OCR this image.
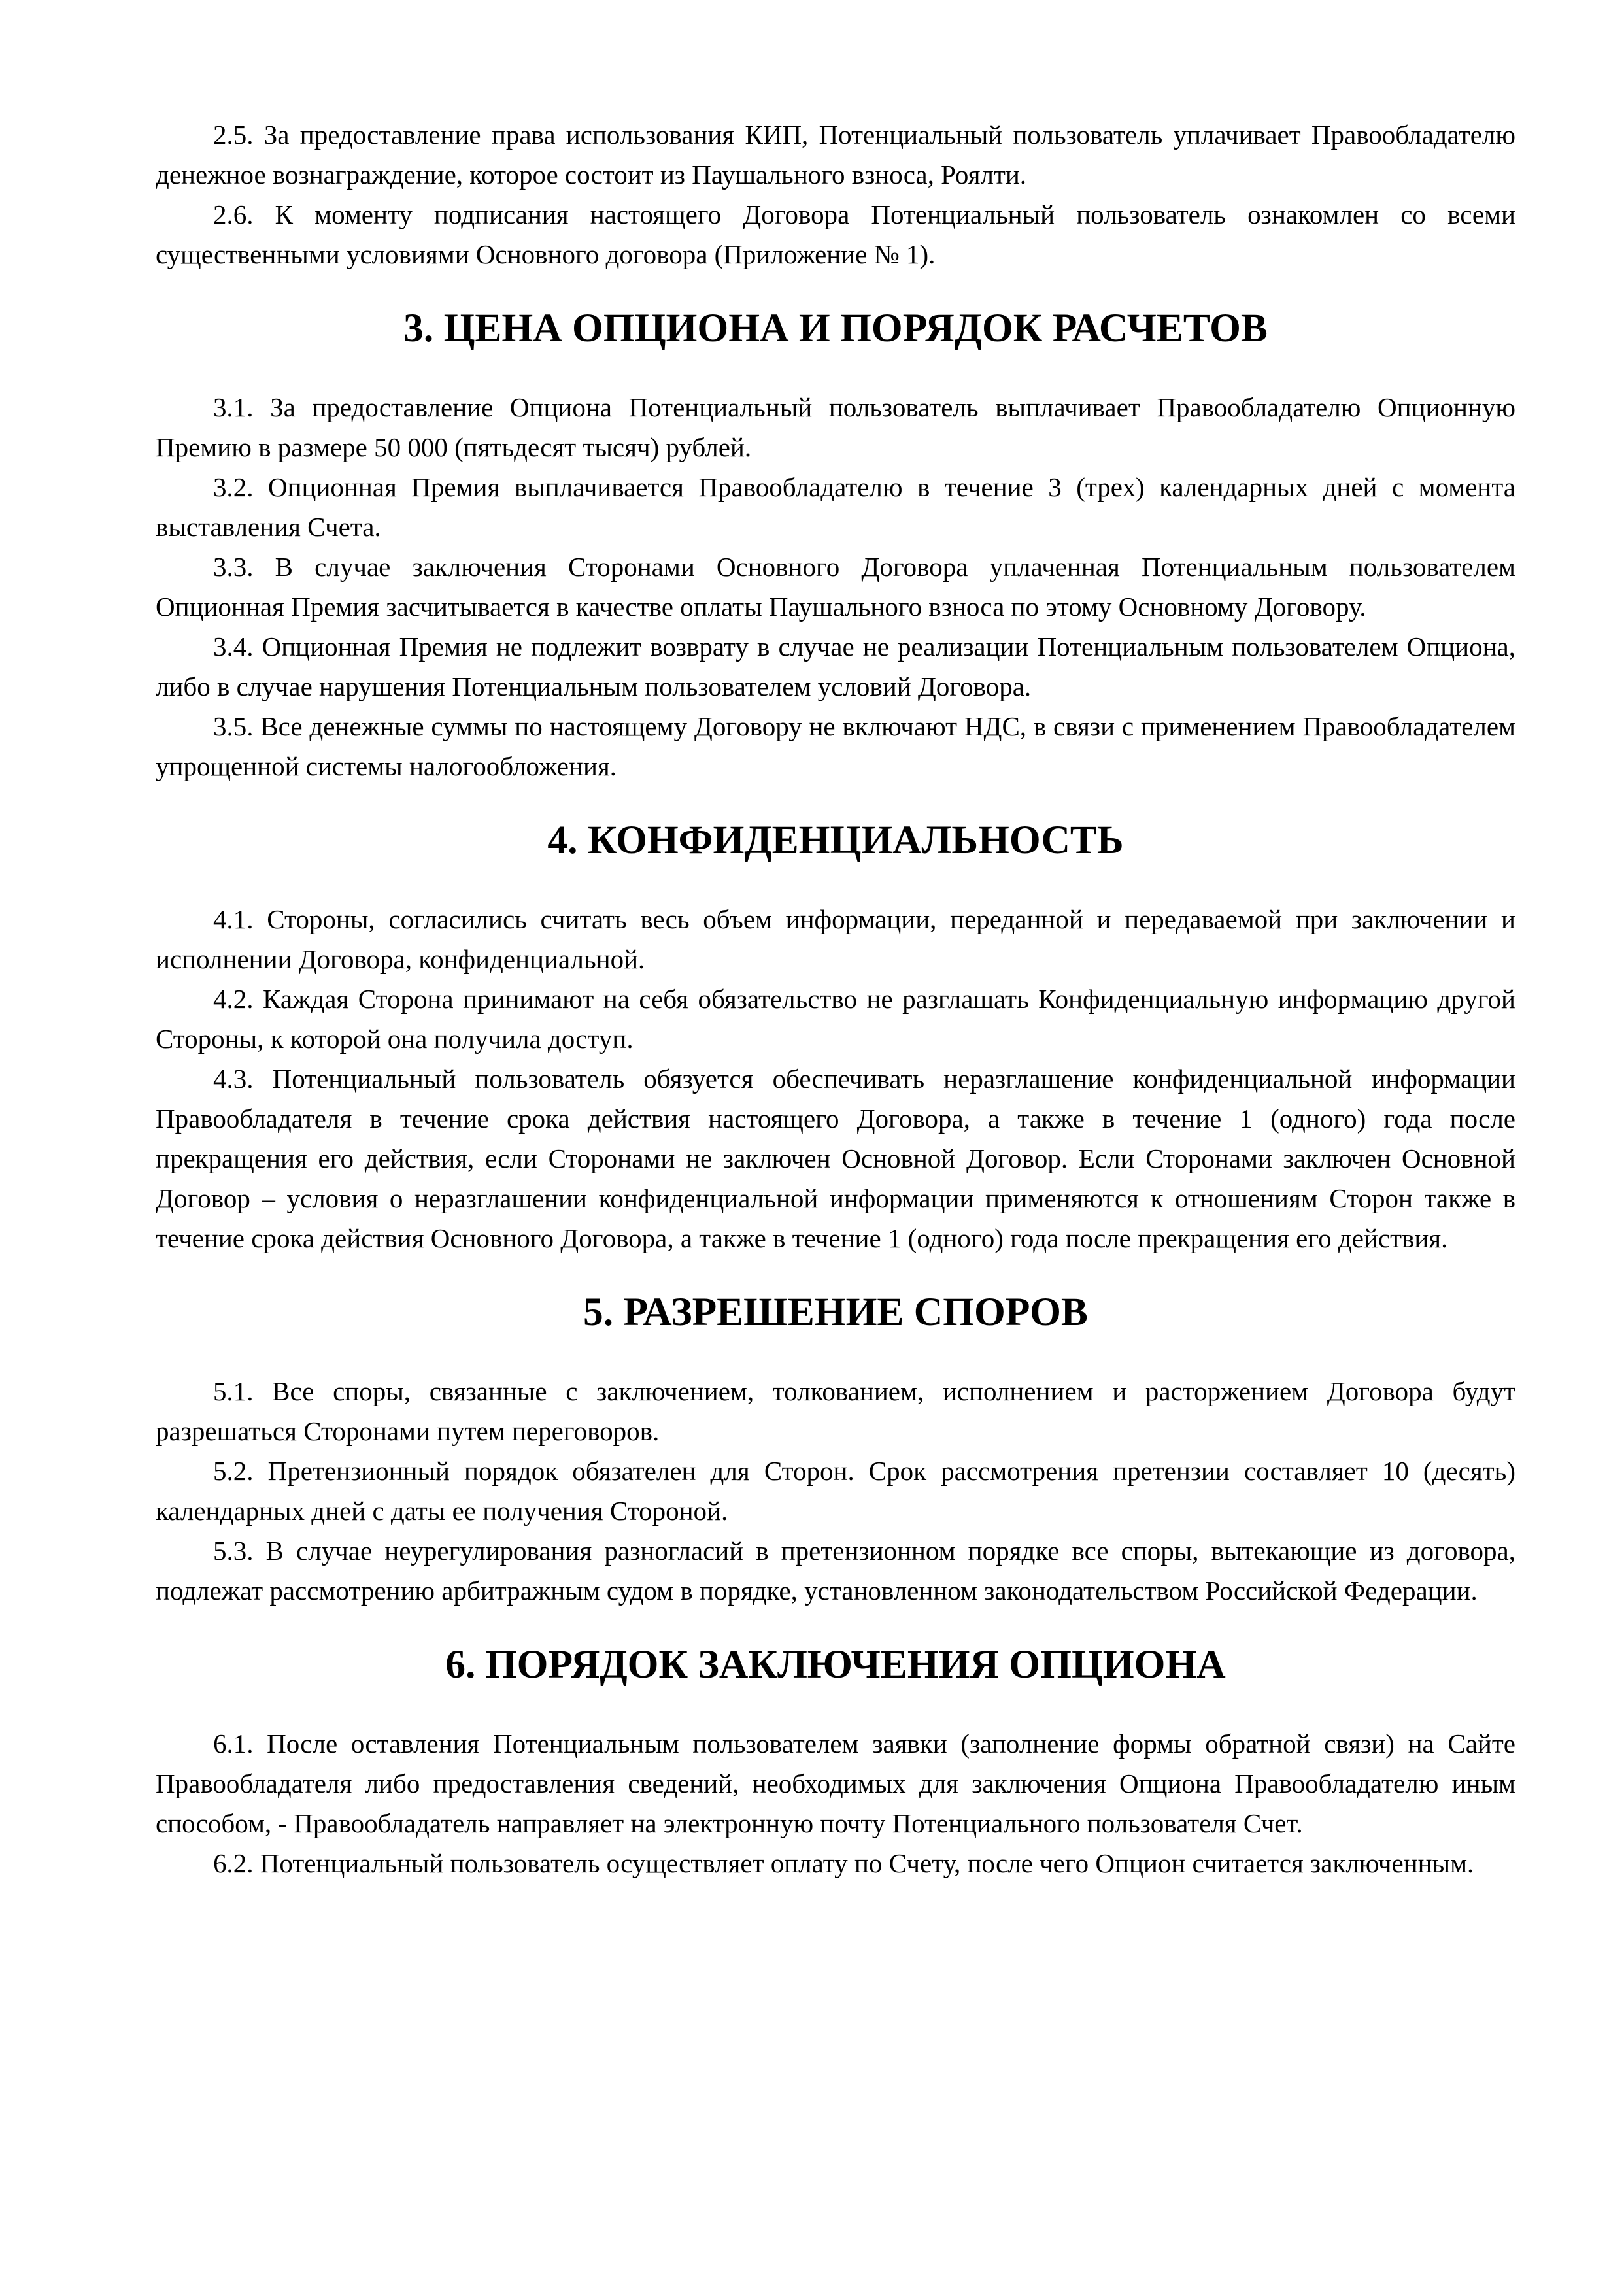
2.5. За предоставление права использования КИП, Потенциальный пользователь уплачивает Правообладателю денежное вознаграждение, которое состоит из Паушального взноса, Роялти.

2.6. К моменту подписания настоящего Договора Потенциальный пользователь ознакомлен со всеми существенными условиями Основного договора (Приложение № 1).

3. ЦЕНА ОПЦИОНА И ПОРЯДОК РАСЧЕТОВ

3.1. За предоставление Опциона Потенциальный пользователь выплачивает Правообладателю Опционную Премию в размере 50 000 (пятьдесят тысяч) рублей.

3.2. Опционная Премия выплачивается Правообладателю в течение 3 (трех) календарных дней с момента выставления Счета.

3.3. В случае заключения Сторонами Основного Договора уплаченная Потенциальным пользователем Опционная Премия засчитывается в качестве оплаты Паушального взноса по этому Основному Договору.

3.4. Опционная Премия не подлежит возврату в случае не реализации Потенциальным пользователем Опциона, либо в случае нарушения Потенциальным пользователем условий Договора.

3.5. Все денежные суммы по настоящему Договору не включают НДС, в связи с применением Правообладателем упрощенной системы налогообложения.

4. КОНФИДЕНЦИАЛЬНОСТЬ

4.1. Стороны, согласились считать весь объем информации, переданной и передаваемой при заключении и исполнении Договора, конфиденциальной.

4.2. Каждая Сторона принимают на себя обязательство не разглашать Конфиденциальную информацию другой Стороны, к которой она получила доступ.

4.3. Потенциальный пользователь обязуется обеспечивать неразглашение конфиденциальной информации Правообладателя в течение срока действия настоящего Договора, а также в течение 1 (одного) года после прекращения его действия, если Сторонами не заключен Основной Договор. Если Сторонами заключен Основной Договор – условия о неразглашении конфиденциальной информации применяются к отношениям Сторон также в течение срока действия Основного Договора, а также в течение 1 (одного) года после прекращения его действия.

5. РАЗРЕШЕНИЕ СПОРОВ

5.1. Все споры, связанные с заключением, толкованием, исполнением и расторжением Договора будут разрешаться Сторонами путем переговоров.

5.2. Претензионный порядок обязателен для Сторон. Срок рассмотрения претензии составляет 10 (десять) календарных дней с даты ее получения Стороной.

5.3. В случае неурегулирования разногласий в претензионном порядке все споры, вытекающие из договора, подлежат рассмотрению арбитражным судом в порядке, установленном законодательством Российской Федерации.

6. ПОРЯДОК ЗАКЛЮЧЕНИЯ ОПЦИОНА

6.1. После оставления Потенциальным пользователем заявки (заполнение формы обратной связи) на Сайте Правообладателя либо предоставления сведений, необходимых для заключения Опциона Правообладателю иным способом, - Правообладатель направляет на электронную почту Потенциального пользователя Счет.

6.2. Потенциальный пользователь осуществляет оплату по Счету, после чего Опцион считается заключенным.
